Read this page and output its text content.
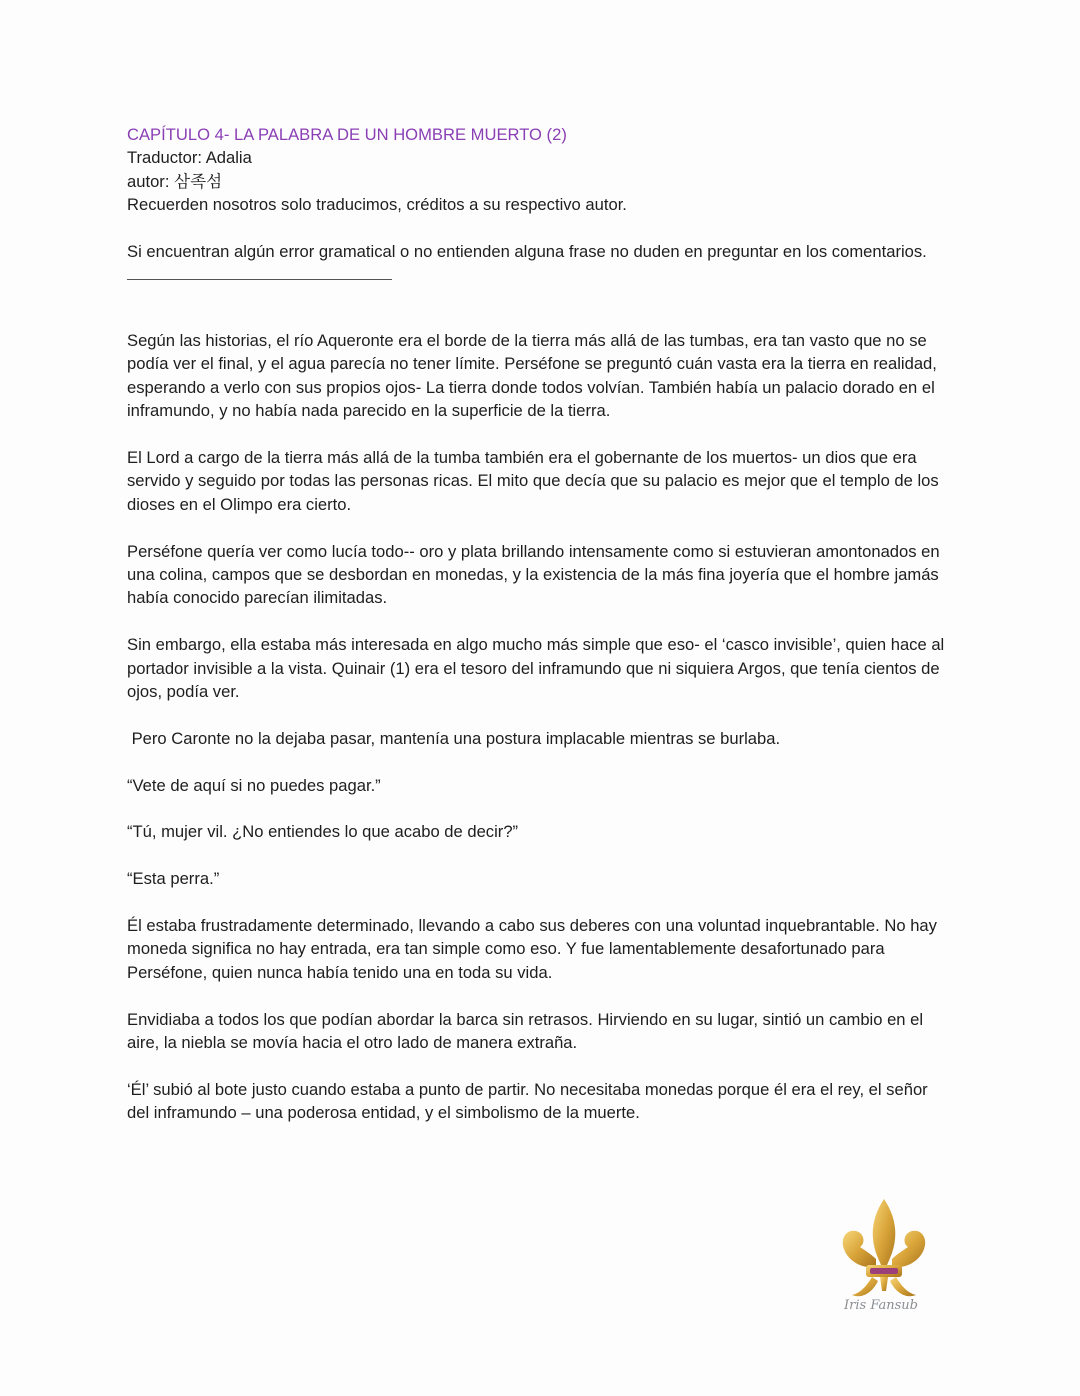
CAPÍTULO 4- LA PALABRA DE UN HOMBRE MUERTO (2)

Traductor: Adalia

autor: 삼족섬

Recuerden nosotros solo traducimos, créditos a su respectivo autor.

Si encuentran algún error gramatical o no entienden alguna frase no duden en preguntar en los comentarios.

Según las historias, el río Aqueronte era el borde de la tierra más allá de las tumbas, era tan vasto que no se podía ver el final, y el agua parecía no tener límite. Perséfone se preguntó cuán vasta era la tierra en realidad, esperando a verlo con sus propios ojos- La tierra donde todos volvían. También había un palacio dorado en el inframundo, y no había nada parecido en la superficie de la tierra.

El Lord a cargo de la tierra más allá de la tumba también era el gobernante de los muertos- un dios que era servido y seguido por todas las personas ricas. El mito que decía que su palacio es mejor que el templo de los dioses en el Olimpo era cierto.

Perséfone quería ver como lucía todo-- oro y plata brillando intensamente como si estuvieran amontonados en una colina, campos que se desbordan en monedas, y la existencia de la más fina joyería que el hombre jamás había conocido parecían ilimitadas.

Sin embargo, ella estaba más interesada en algo mucho más simple que eso- el ‘casco invisible’, quien hace al portador invisible a la vista. Quinair (1) era el tesoro del inframundo que ni siquiera Argos, que tenía cientos de ojos, podía ver.

Pero Caronte no la dejaba pasar, mantenía una postura implacable mientras se burlaba.

“Vete de aquí si no puedes pagar.”

“Tú, mujer vil. ¿No entiendes lo que acabo de decir?”

“Esta perra.”

Él estaba frustradamente determinado, llevando a cabo sus deberes con una voluntad inquebrantable. No hay moneda significa no hay entrada, era tan simple como eso. Y fue lamentablemente desafortunado para Perséfone, quien nunca había tenido una en toda su vida.

Envidiaba a todos los que podían abordar la barca sin retrasos. Hirviendo en su lugar, sintió un cambio en el aire, la niebla se movía hacia el otro lado de manera extraña.

‘Él’ subió al bote justo cuando estaba a punto de partir. No necesitaba monedas porque él era el rey, el señor del inframundo – una poderosa entidad, y el simbolismo de la muerte.

Iris Fansub
